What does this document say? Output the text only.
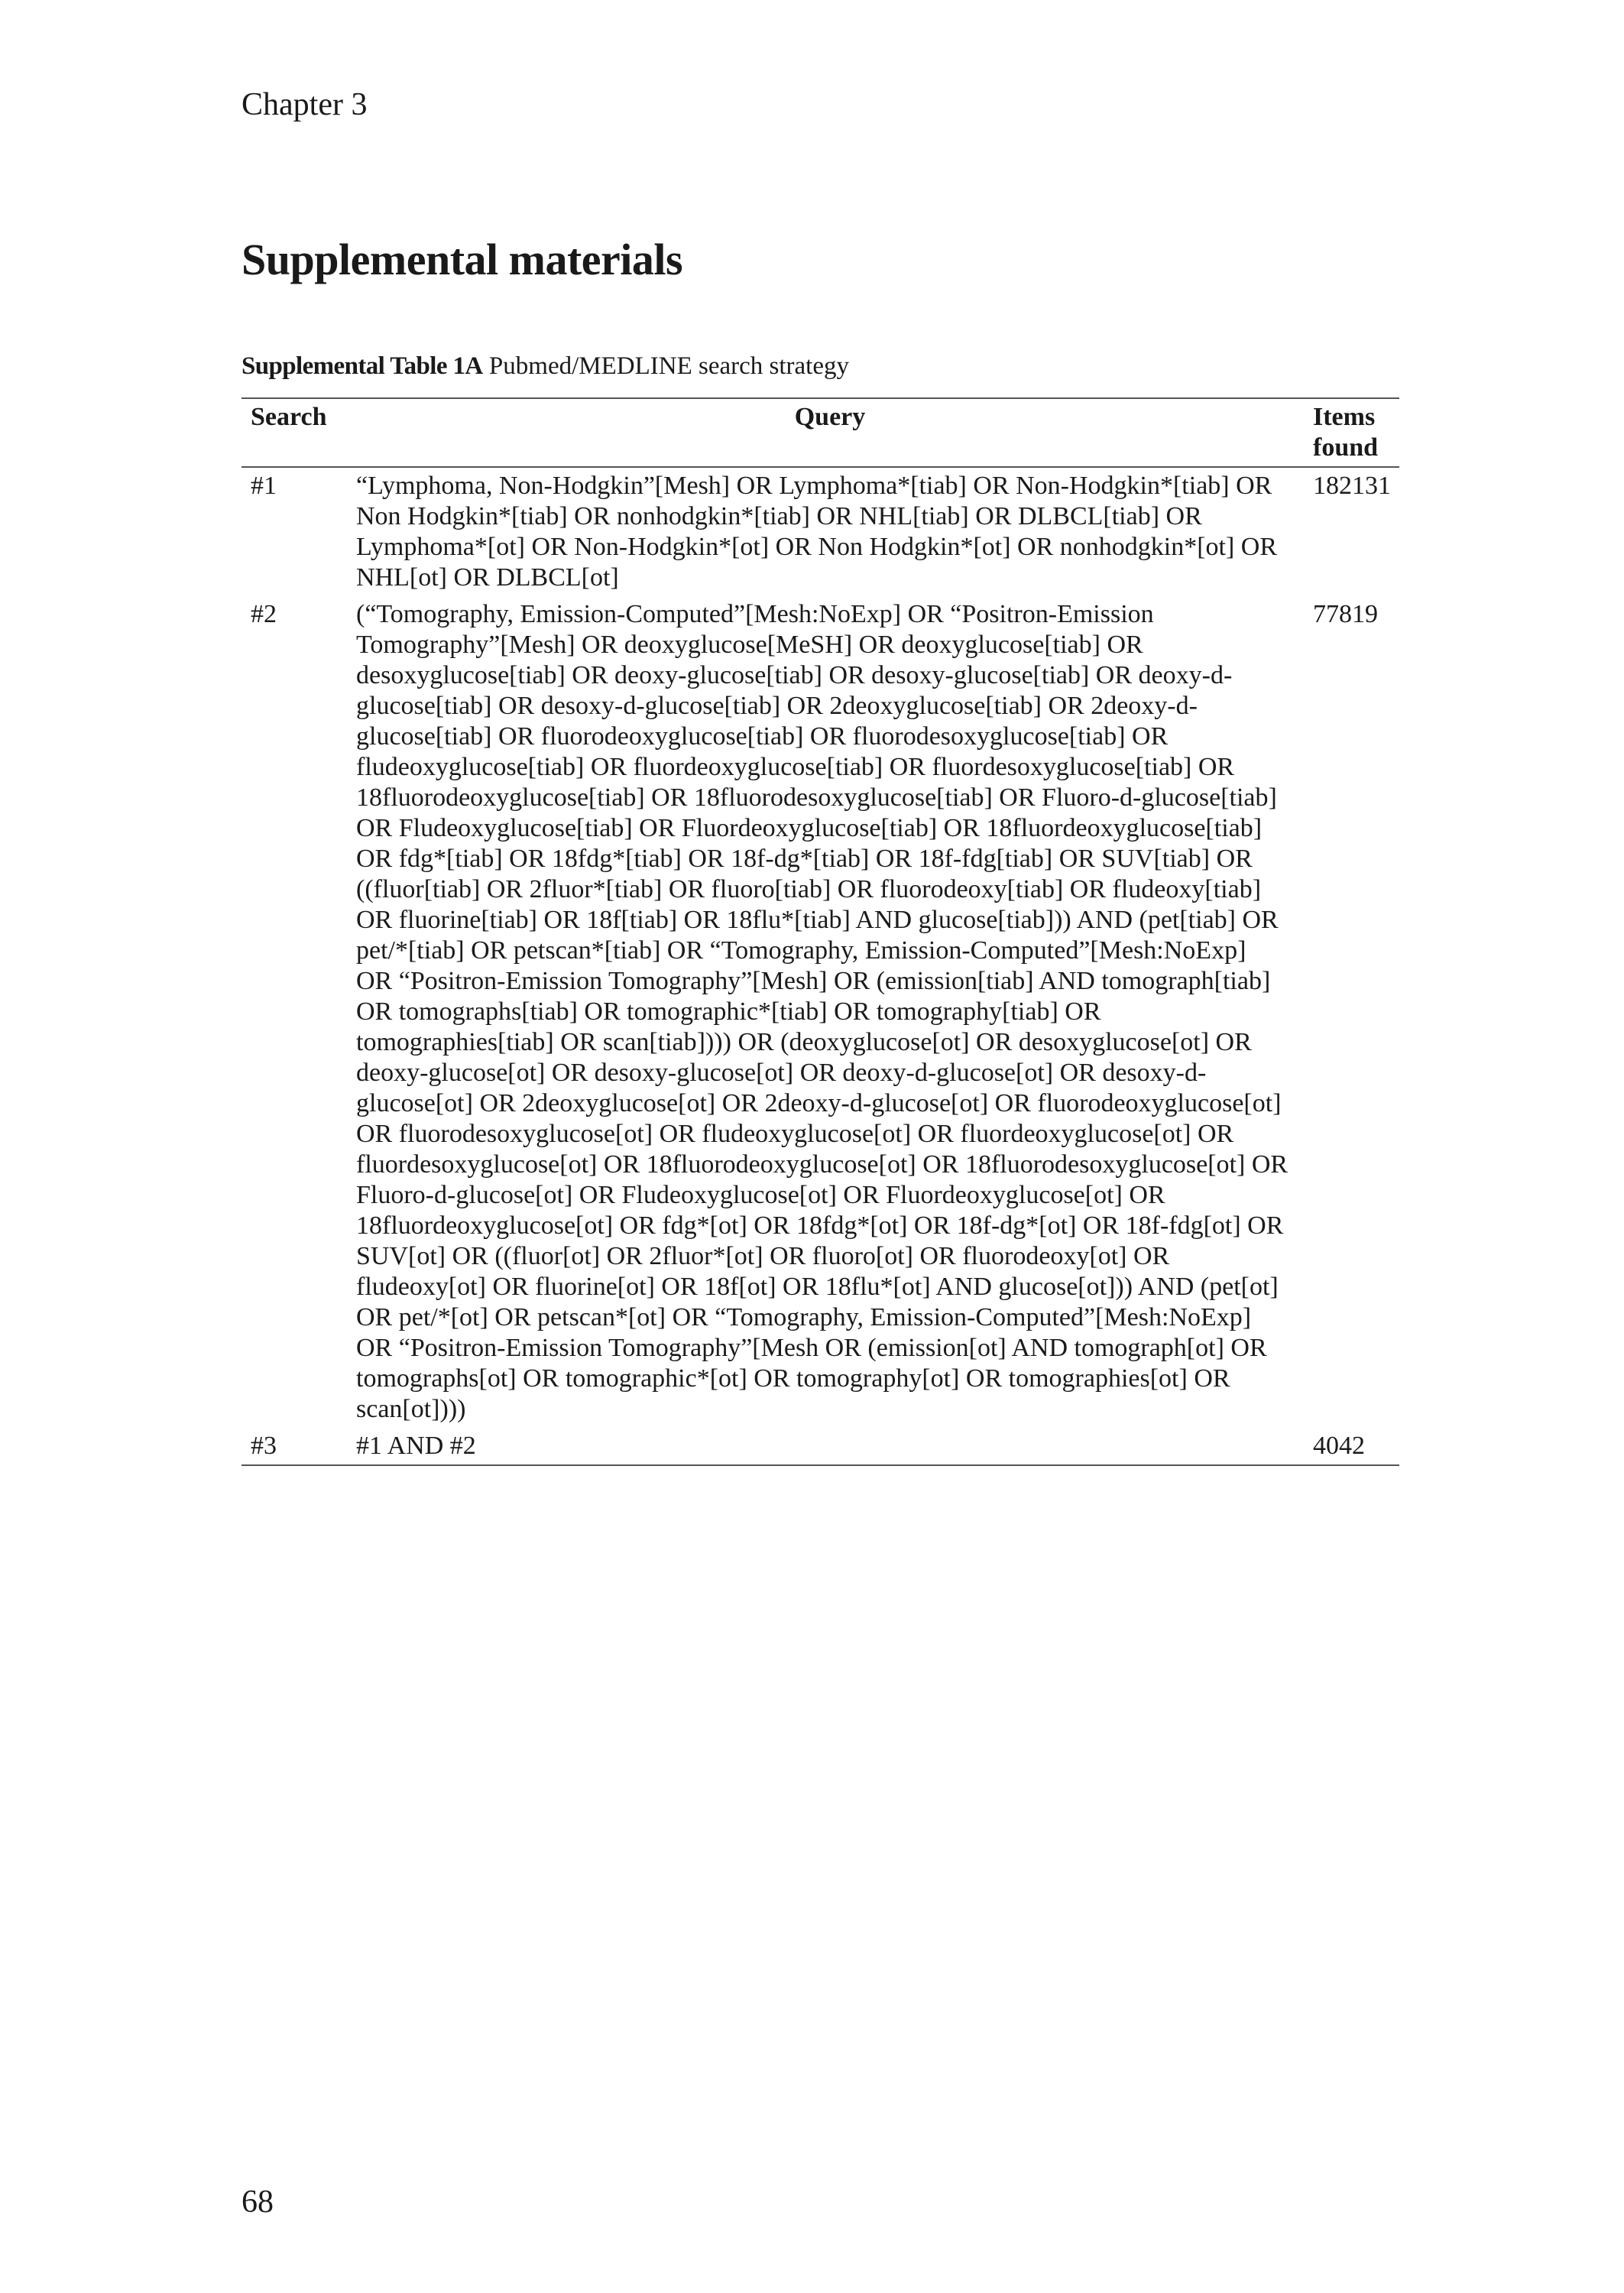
Chapter 3
Supplemental materials
Supplemental Table 1A Pubmed/MEDLINE search strategy
Search	Query	Items found
#1	“Lymphoma, Non-Hodgkin”[Mesh] OR Lymphoma*[tiab] OR Non-Hodgkin*[tiab] OR Non Hodgkin*[tiab] OR nonhodgkin*[tiab] OR NHL[tiab] OR DLBCL[tiab] OR Lymphoma*[ot] OR Non-Hodgkin*[ot] OR Non Hodgkin*[ot] OR nonhodgkin*[ot] OR NHL[ot] OR DLBCL[ot]	182131
#2	(“Tomography, Emission-Computed”[Mesh:NoExp] OR “Positron-Emission Tomography”[Mesh] OR deoxyglucose[MeSH] OR deoxyglucose[tiab] OR desoxyglucose[tiab] OR deoxy-glucose[tiab] OR desoxy-glucose[tiab] OR deoxy-d-glucose[tiab] OR desoxy-d-glucose[tiab] OR 2deoxyglucose[tiab] OR 2deoxy-d-glucose[tiab] OR fluorodeoxyglucose[tiab] OR fluorodesoxyglucose[tiab] OR fludeoxyglucose[tiab] OR fluordeoxyglucose[tiab] OR fluordesoxyglucose[tiab] OR 18fluorodeoxyglucose[tiab] OR 18fluorodesoxyglucose[tiab] OR Fluoro-d-glucose[tiab] OR Fludeoxyglucose[tiab] OR Fluordeoxyglucose[tiab] OR 18fluordeoxyglucose[tiab] OR fdg*[tiab] OR 18fdg*[tiab] OR 18f-dg*[tiab] OR 18f-fdg[tiab] OR SUV[tiab] OR ((fluor[tiab] OR 2fluor*[tiab] OR fluoro[tiab] OR fluorodeoxy[tiab] OR fludeoxy[tiab] OR fluorine[tiab] OR 18f[tiab] OR 18flu*[tiab] AND glucose[tiab])) AND (pet[tiab] OR pet/*[tiab] OR petscan*[tiab] OR “Tomography, Emission-Computed”[Mesh:NoExp] OR “Positron-Emission Tomography”[Mesh] OR (emission[tiab] AND tomograph[tiab] OR tomographs[tiab] OR tomographic*[tiab] OR tomography[tiab] OR tomographies[tiab] OR scan[tiab]))) OR (deoxyglucose[ot] OR desoxyglucose[ot] OR deoxy-glucose[ot] OR desoxy-glucose[ot] OR deoxy-d-glucose[ot] OR desoxy-d-glucose[ot] OR 2deoxyglucose[ot] OR 2deoxy-d-glucose[ot] OR fluorodeoxyglucose[ot] OR fluorodesoxyglucose[ot] OR fludeoxyglucose[ot] OR fluordeoxyglucose[ot] OR fluordesoxyglucose[ot] OR 18fluorodeoxyglucose[ot] OR 18fluorodesoxyglucose[ot] OR Fluoro-d-glucose[ot] OR Fludeoxyglucose[ot] OR Fluordeoxyglucose[ot] OR 18fluordeoxyglucose[ot] OR fdg*[ot] OR 18fdg*[ot] OR 18f-dg*[ot] OR 18f-fdg[ot] OR SUV[ot] OR ((fluor[ot] OR 2fluor*[ot] OR fluoro[ot] OR fluorodeoxy[ot] OR fludeoxy[ot] OR fluorine[ot] OR 18f[ot] OR 18flu*[ot] AND glucose[ot])) AND (pet[ot] OR pet/*[ot] OR petscan*[ot] OR “Tomography, Emission-Computed”[Mesh:NoExp] OR “Positron-Emission Tomography”[Mesh OR (emission[ot] AND tomograph[ot] OR tomographs[ot] OR tomographic*[ot] OR tomography[ot] OR tomographies[ot] OR scan[ot])))	77819
#3	#1 AND #2	4042
68
